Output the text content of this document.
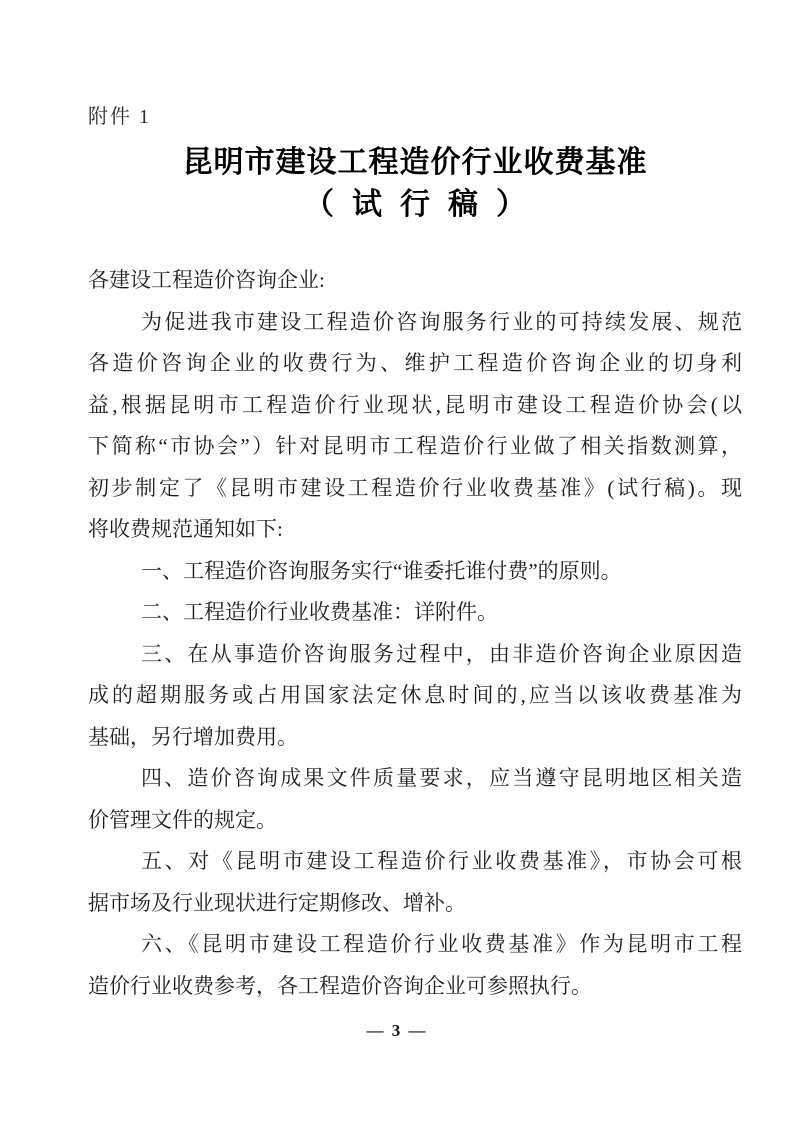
附件 1
昆明市建设工程造价行业收费基准
（试行稿）
各建设工程造价咨询企业:
为促进我市建设工程造价咨询服务行业的可持续发展、规范
各造价咨询企业的收费行为、维护工程造价咨询企业的切身利
益,根据昆明市工程造价行业现状,昆明市建设工程造价协会(以
下简称“市协会”）针对昆明市工程造价行业做了相关指数测算，
初步制定了《昆明市建设工程造价行业收费基准》(试行稿)。现
将收费规范通知如下:
一、工程造价咨询服务实行“谁委托谁付费”的原则。
二、工程造价行业收费基准：详附件。
三、在从事造价咨询服务过程中，由非造价咨询企业原因造
成的超期服务或占用国家法定休息时间的,应当以该收费基准为
基础，另行增加费用。
四、造价咨询成果文件质量要求，应当遵守昆明地区相关造
价管理文件的规定。
五、对《昆明市建设工程造价行业收费基准》，市协会可根
据市场及行业现状进行定期修改、增补。
六、《昆明市建设工程造价行业收费基准》作为昆明市工程
造价行业收费参考，各工程造价咨询企业可参照执行。
— 3 —
